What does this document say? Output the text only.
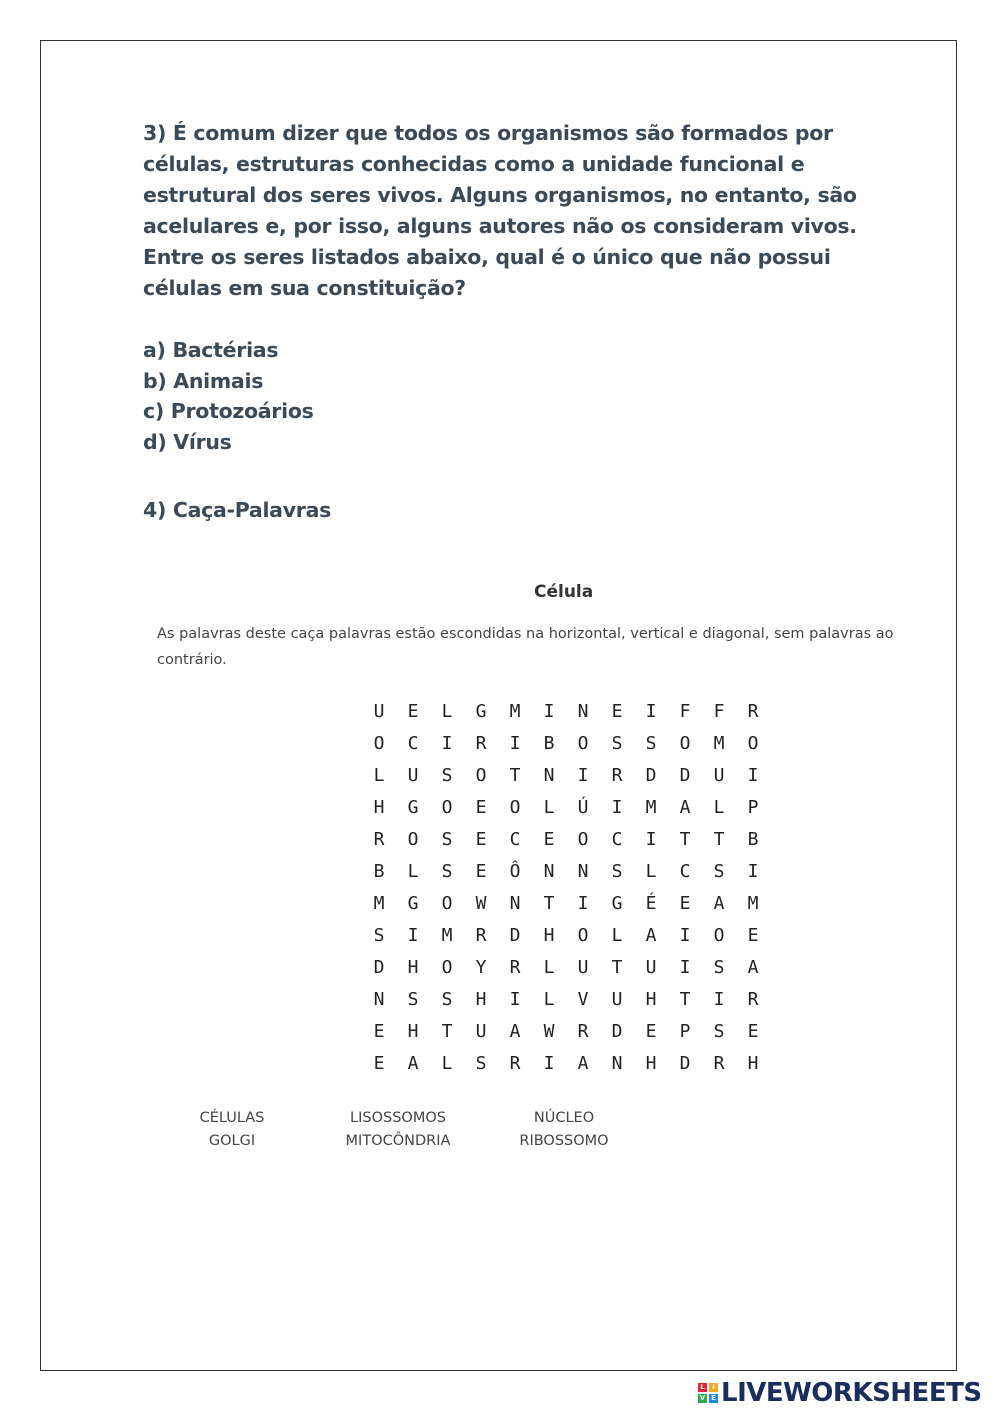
3) É comum dizer que todos os organismos são formados por células, estruturas conhecidas como a unidade funcional e estrutural dos seres vivos. Alguns organismos, no entanto, são acelulares e, por isso, alguns autores não os consideram vivos. Entre os seres listados abaixo, qual é o único que não possui células em sua constituição?
a) Bactérias
b) Animais
c) Protozoários
d) Vírus
4) Caça-Palavras
Célula
As palavras deste caça palavras estão escondidas na horizontal, vertical e diagonal, sem palavras ao
contrário.
U	E	L	G	M	I	N	E	I	F	F	R
O	C	I	R	I	B	O	S	S	O	M	O
L	U	S	O	T	N	I	R	D	D	U	I
H	G	O	E	O	L	Ú	I	M	A	L	P
R	O	S	E	C	E	O	C	I	T	T	B
B	L	S	E	Ô	N	N	S	L	C	S	I
M	G	O	W	N	T	I	G	É	E	A	M
S	I	M	R	D	H	O	L	A	I	O	E
D	H	O	Y	R	L	U	T	U	I	S	A
N	S	S	H	I	L	V	U	H	T	I	R
E	H	T	U	A	W	R	D	E	P	S	E
E	A	L	S	R	I	A	N	H	D	R	H
CÉLULAS
GOLGI
LISOSSOMOS
MITOCÔNDRIA
NÚCLEO
RIBOSSOMO
L	I
V E LIVEWORKSHEETS
